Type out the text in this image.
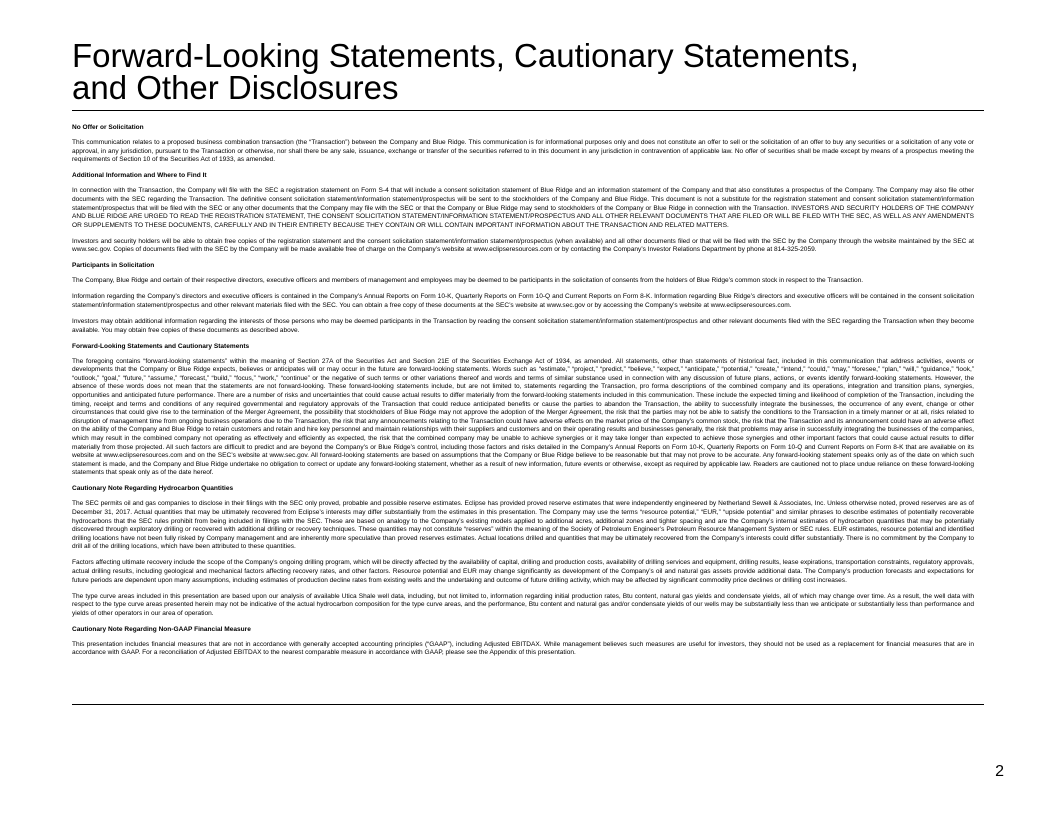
Forward-Looking Statements, Cautionary Statements,
and Other Disclosures
No Offer or Solicitation

This communication relates to a proposed business combination transaction (the “Transaction”) between the Company and Blue Ridge. This communication is for informational purposes only and does not constitute an offer to sell or the solicitation of an offer to buy any securities or a solicitation of any vote or approval, in any jurisdiction, pursuant to the Transaction or otherwise, nor shall there be any sale, issuance, exchange or transfer of the securities referred to in this document in any jurisdiction in contravention of applicable law. No offer of securities shall be made except by means of a prospectus meeting the requirements of Section 10 of the Securities Act of 1933, as amended.

Additional Information and Where to Find It

In connection with the Transaction, the Company will file with the SEC a registration statement on Form S-4 that will include a consent solicitation statement of Blue Ridge and an information statement of the Company and that also constitutes a prospectus of the Company. The Company may also file other documents with the SEC regarding the Transaction. The definitive consent solicitation statement/information statement/prospectus will be sent to the stockholders of the Company and Blue Ridge. This document is not a substitute for the registration statement and consent solicitation statement/information statement/prospectus that will be filed with the SEC or any other documents that the Company may file with the SEC or that the Company or Blue Ridge may send to stockholders of the Company or Blue Ridge in connection with the Transaction. INVESTORS AND SECURITY HOLDERS OF THE COMPANY AND BLUE RIDGE ARE URGED TO READ THE REGISTRATION STATEMENT, THE CONSENT SOLICITATION STATEMENT/INFORMATION STATEMENT/PROSPECTUS AND ALL OTHER RELEVANT DOCUMENTS THAT ARE FILED OR WILL BE FILED WITH THE SEC, AS WELL AS ANY AMENDMENTS OR SUPPLEMENTS TO THESE DOCUMENTS, CAREFULLY AND IN THEIR ENTIRETY BECAUSE THEY CONTAIN OR WILL CONTAIN IMPORTANT INFORMATION ABOUT THE TRANSACTION AND RELATED MATTERS.

Investors and security holders will be able to obtain free copies of the registration statement and the consent solicitation statement/information statement/prospectus (when available) and all other documents filed or that will be filed with the SEC by the Company through the website maintained by the SEC at www.sec.gov. Copies of documents filed with the SEC by the Company will be made available free of charge on the Company’s website at www.eclipseresources.com or by contacting the Company’s Investor Relations Department by phone at 814-325-2059.

Participants in Solicitation

The Company, Blue Ridge and certain of their respective directors, executive officers and members of management and employees may be deemed to be participants in the solicitation of consents from the holders of Blue Ridge’s common stock in respect to the Transaction.

Information regarding the Company’s directors and executive officers is contained in the Company’s Annual Reports on Form 10-K, Quarterly Reports on Form 10-Q and Current Reports on Form 8-K. Information regarding Blue Ridge’s directors and executive officers will be contained in the consent solicitation statement/information statement/prospectus and other relevant materials filed with the SEC. You can obtain a free copy of these documents at the SEC’s website at www.sec.gov or by accessing the Company’s website at www.eclipseresources.com.

Investors may obtain additional information regarding the interests of those persons who may be deemed participants in the Transaction by reading the consent solicitation statement/information statement/prospectus and other relevant documents filed with the SEC regarding the Transaction when they become available. You may obtain free copies of these documents as described above.

Forward-Looking Statements and Cautionary Statements

The foregoing contains “forward-looking statements” within the meaning of Section 27A of the Securities Act and Section 21E of the Securities Exchange Act of 1934, as amended. All statements, other than statements of historical fact, included in this communication that address activities, events or developments that the Company or Blue Ridge expects, believes or anticipates will or may occur in the future are forward-looking statements. Words such as “estimate,” “project,” “predict,” “believe,” “expect,” “anticipate,” “potential,” “create,” “intend,” “could,” “may,” “foresee,” “plan,” “will,” “guidance,” “look,” “outlook,” “goal,” “future,” “assume,” “forecast,” “build,” “focus,” “work,” “continue” or the negative of such terms or other variations thereof and words and terms of similar substance used in connection with any discussion of future plans, actions, or events identify forward-looking statements. However, the absence of these words does not mean that the statements are not forward-looking. These forward-looking statements include, but are not limited to, statements regarding the Transaction, pro forma descriptions of the combined company and its operations, integration and transition plans, synergies, opportunities and anticipated future performance. There are a number of risks and uncertainties that could cause actual results to differ materially from the forward-looking statements included in this communication. These include the expected timing and likelihood of completion of the Transaction, including the timing, receipt and terms and conditions of any required governmental and regulatory approvals of the Transaction that could reduce anticipated benefits or cause the parties to abandon the Transaction, the ability to successfully integrate the businesses, the occurrence of any event, change or other circumstances that could give rise to the termination of the Merger Agreement, the possibility that stockholders of Blue Ridge may not approve the adoption of the Merger Agreement, the risk that the parties may not be able to satisfy the conditions to the Transaction in a timely manner or at all, risks related to disruption of management time from ongoing business operations due to the Transaction, the risk that any announcements relating to the Transaction could have adverse effects on the market price of the Company’s common stock, the risk that the Transaction and its announcement could have an adverse effect on the ability of the Company and Blue Ridge to retain customers and retain and hire key personnel and maintain relationships with their suppliers and customers and on their operating results and businesses generally, the risk that problems may arise in successfully integrating the businesses of the companies, which may result in the combined company not operating as effectively and efficiently as expected, the risk that the combined company may be unable to achieve synergies or it may take longer than expected to achieve those synergies and other important factors that could cause actual results to differ materially from those projected. All such factors are difficult to predict and are beyond the Company’s or Blue Ridge’s control, including those factors and risks detailed in the Company’s Annual Reports on Form 10-K, Quarterly Reports on Form 10-Q and Current Reports on Form 8-K that are available on its website at www.eclipseresources.com and on the SEC’s website at www.sec.gov. All forward-looking statements are based on assumptions that the Company or Blue Ridge believe to be reasonable but that may not prove to be accurate. Any forward-looking statement speaks only as of the date on which such statement is made, and the Company and Blue Ridge undertake no obligation to correct or update any forward-looking statement, whether as a result of new information, future events or otherwise, except as required by applicable law. Readers are cautioned not to place undue reliance on these forward-looking statements that speak only as of the date hereof.

Cautionary Note Regarding Hydrocarbon Quantities

The SEC permits oil and gas companies to disclose in their filings with the SEC only proved, probable and possible reserve estimates. Eclipse has provided proved reserve estimates that were independently engineered by Netherland Sewell & Associates, Inc. Unless otherwise noted, proved reserves are as of December 31, 2017. Actual quantities that may be ultimately recovered from Eclipse’s interests may differ substantially from the estimates in this presentation. The Company may use the terms “resource potential,” “EUR,” “upside potential” and similar phrases to describe estimates of potentially recoverable hydrocarbons that the SEC rules prohibit from being included in filings with the SEC. These are based on analogy to the Company’s existing models applied to additional acres, additional zones and tighter spacing and are the Company’s internal estimates of hydrocarbon quantities that may be potentially discovered through exploratory drilling or recovered with additional drilling or recovery techniques. These quantities may not constitute “reserves” within the meaning of the Society of Petroleum Engineer’s Petroleum Resource Management System or SEC rules. EUR estimates, resource potential and identified drilling locations have not been fully risked by Company management and are inherently more speculative than proved reserves estimates. Actual locations drilled and quantities that may be ultimately recovered from the Company’s interests could differ substantially. There is no commitment by the Company to drill all of the drilling locations, which have been attributed to these quantities.

Factors affecting ultimate recovery include the scope of the Company’s ongoing drilling program, which will be directly affected by the availability of capital, drilling and production costs, availability of drilling services and equipment, drilling results, lease expirations, transportation constraints, regulatory approvals, actual drilling results, including geological and mechanical factors affecting recovery rates, and other factors. Resource potential and EUR may change significantly as development of the Company’s oil and natural gas assets provide additional data. The Company’s production forecasts and expectations for future periods are dependent upon many assumptions, including estimates of production decline rates from existing wells and the undertaking and outcome of future drilling activity, which may be affected by significant commodity price declines or drilling cost increases.

The type curve areas included in this presentation are based upon our analysis of available Utica Shale well data, including, but not limited to, information regarding initial production rates, Btu content, natural gas yields and condensate yields, all of which may change over time. As a result, the well data with respect to the type curve areas presented herein may not be indicative of the actual hydrocarbon composition for the type curve areas, and the performance, Btu content and natural gas and/or condensate yields of our wells may be substantially less than we anticipate or substantially less than performance and yields of other operators in our area of operation.

Cautionary Note Regarding Non-GAAP Financial Measure

This presentation includes financial measures that are not in accordance with generally accepted accounting principles (“GAAP”), including Adjusted EBITDAX. While management believes such measures are useful for investors, they should not be used as a replacement for financial measures that are in accordance with GAAP. For a reconciliation of Adjusted EBITDAX to the nearest comparable measure in accordance with GAAP, please see the Appendix of this presentation.

2
